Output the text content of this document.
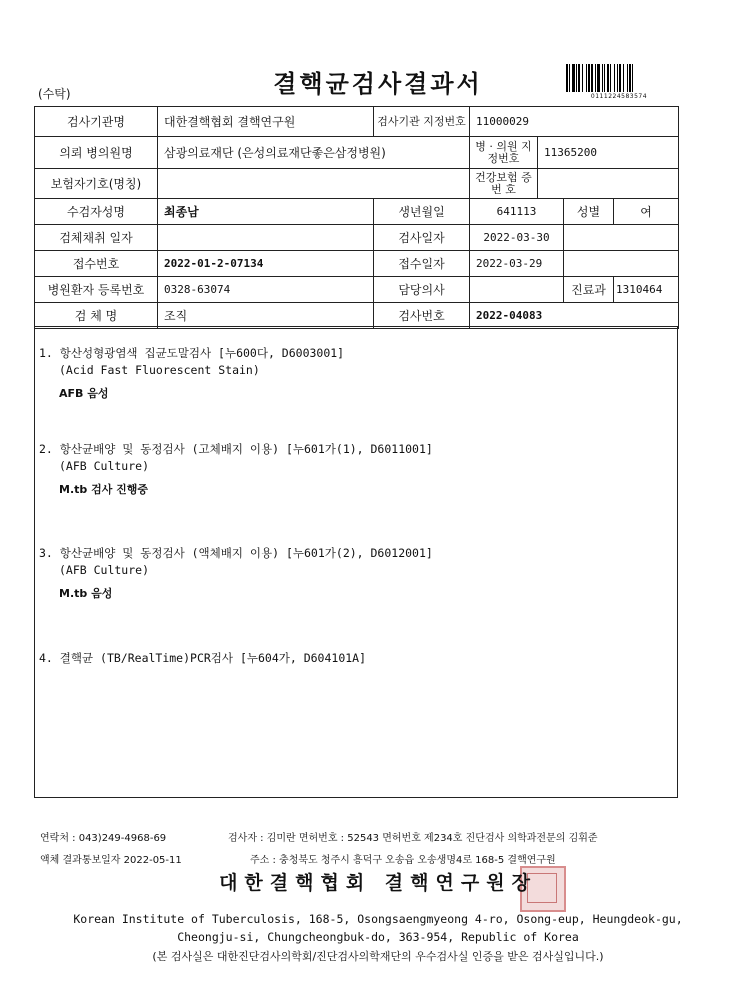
(수탁)	결핵균검사결과서	0111224583574
검사기관명	대한결핵협회 결핵연구원	검사기관 지정번호	11000029			
의뢰 병의원명	삼광의료재단 (은성의료재단좋은삼정병원)		병 · 의원 지정번호	11365200		
보험자기호(명칭)			건강보험 증 번 호			
수검자성명	최종남	생년월일	641113		성별	여
검체채취 일자		검사일자	2022-03-30			
접수번호	2022-01-2-07134	접수일자	2022-03-29			
병원환자 등록번호	0328-63074	담당의사			진료과	1310464
검 체 명	조직	검사번호	2022-04083			
1. 항산성형광염색 집균도말검사 [누600다, D6003001]
(Acid Fast Fluorescent Stain)
AFB 음성
2. 항산균배양 및 동정검사 (고체배지 이용) [누601가(1), D6011001]
(AFB Culture)
M.tb 검사 진행중
3. 항산균배양 및 동정검사 (액체배지 이용) [누601가(2), D6012001]
(AFB Culture)
M.tb 음성
4. 결핵균 (TB/RealTime)PCR검사 [누604가, D604101A]
연락처 : 043)249-4968-69	검사자 : 김미란 면허번호 : 52543 면허번호 제234호 진단검사 의학과전문의 김휘준
액체 결과통보일자 2022-05-11	주소 : 충청북도 청주시 흥덕구 오송읍 오송생명4로 168-5 결핵연구원
대한결핵협회 결핵연구원장
Korean Institute of Tuberculosis, 168-5, Osongsaengmyeong 4-ro, Osong-eup, Heungdeok-gu,
Cheongju-si, Chungcheongbuk-do, 363-954, Republic of Korea
(본 검사실은 대한진단검사의학회/진단검사의학재단의 우수검사실 인증을 받은 검사실입니다.)
